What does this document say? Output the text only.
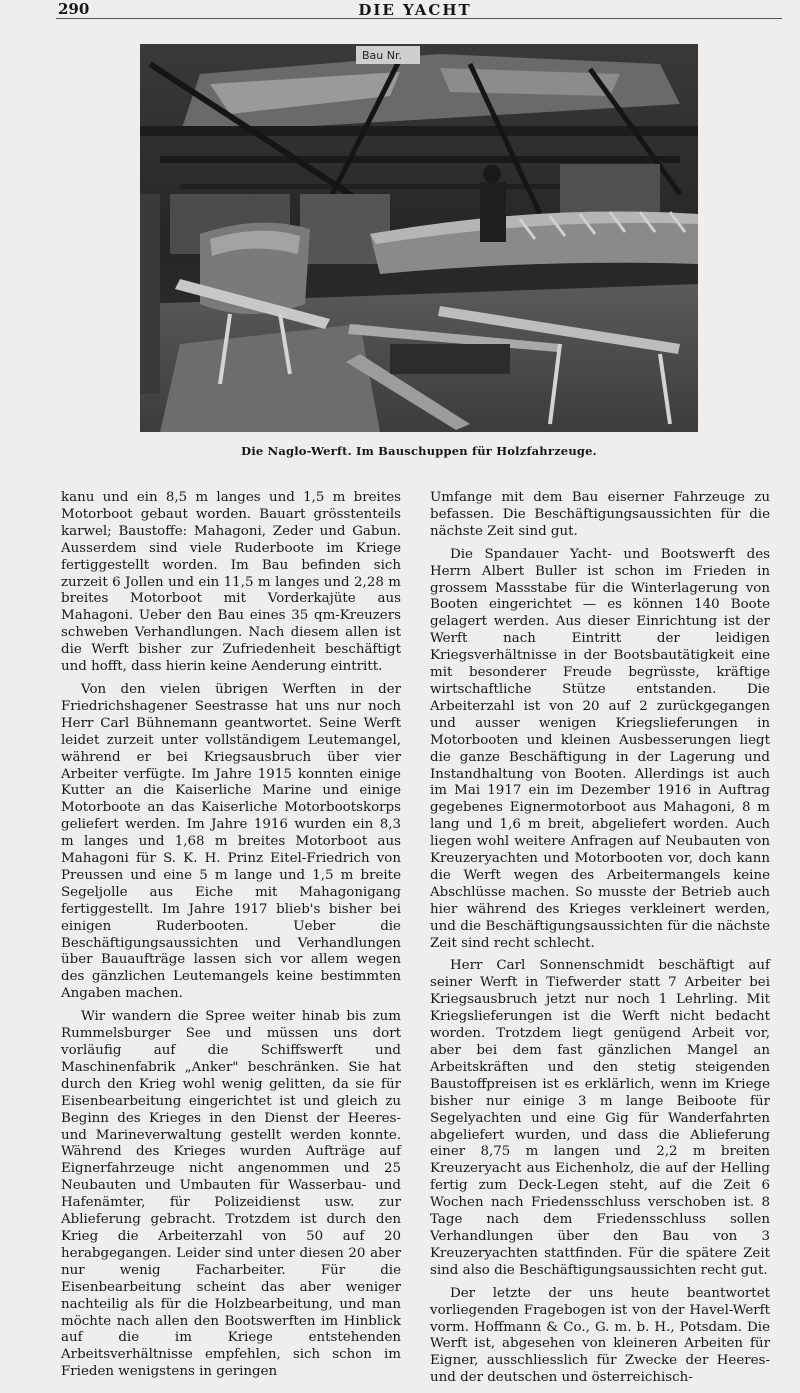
290	DIE YACHT
Bau Nr.
Die Naglo-Werft. Im Bauschuppen für Holzfahrzeuge.

kanu und ein 8,5 m langes und 1,5 m breites Motorboot gebaut worden. Bauart grösstenteils karwel; Baustoffe: Mahagoni, Zeder und Gabun. Ausserdem sind viele Ruderboote im Kriege fertiggestellt worden. Im Bau befinden sich zurzeit 6 Jollen und ein 11,5 m langes und 2,28 m breites Motorboot mit Vorderkajüte aus Mahagoni. Ueber den Bau eines 35 qm-Kreuzers schweben Verhandlungen. Nach diesem allen ist die Werft bisher zur Zufriedenheit beschäftigt und hofft, dass hierin keine Aenderung eintritt.

Von den vielen übrigen Werften in der Friedrichshagener Seestrasse hat uns nur noch Herr Carl Bühnemann geantwortet. Seine Werft leidet zurzeit unter vollständigem Leutemangel, während er bei Kriegsausbruch über vier Arbeiter verfügte. Im Jahre 1915 konnten einige Kutter an die Kaiserliche Marine und einige Motorboote an das Kaiserliche Motorbootskorps geliefert werden. Im Jahre 1916 wurden ein 8,3 m langes und 1,68 m breites Motorboot aus Mahagoni für S. K. H. Prinz Eitel-Friedrich von Preussen und eine 5 m lange und 1,5 m breite Segeljolle aus Eiche mit Mahagonigang fertiggestellt. Im Jahre 1917 blieb's bisher bei einigen Ruderbooten. Ueber die Beschäftigungsaussichten und Verhandlungen über Bauaufträge lassen sich vor allem wegen des gänzlichen Leutemangels keine bestimmten Angaben machen.

Wir wandern die Spree weiter hinab bis zum Rummelsburger See und müssen uns dort vorläufig auf die Schiffswerft und Maschinenfabrik „Anker" beschränken. Sie hat durch den Krieg wohl wenig gelitten, da sie für Eisenbearbeitung eingerichtet ist und gleich zu Beginn des Krieges in den Dienst der Heeres- und Marineverwaltung gestellt werden konnte. Während des Krieges wurden Aufträge auf Eignerfahrzeuge nicht angenommen und 25 Neubauten und Umbauten für Wasserbau- und Hafenämter, für Polizeidienst usw. zur Ablieferung gebracht. Trotzdem ist durch den Krieg die Arbeiterzahl von 50 auf 20 herabgegangen. Leider sind unter diesen 20 aber nur wenig Facharbeiter. Für die Eisenbearbeitung scheint das aber weniger nachteilig als für die Holzbearbeitung, und man möchte nach allen den Bootswerften im Hinblick auf die im Kriege entstehenden Arbeitsverhältnisse empfehlen, sich schon im Frieden wenigstens in geringen

Umfange mit dem Bau eiserner Fahrzeuge zu befassen. Die Beschäftigungsaussichten für die nächste Zeit sind gut.

Die Spandauer Yacht- und Bootswerft des Herrn Albert Buller ist schon im Frieden in grossem Massstabe für die Winterlagerung von Booten eingerichtet — es können 140 Boote gelagert werden. Aus dieser Einrichtung ist der Werft nach Eintritt der leidigen Kriegsverhältnisse in der Bootsbautätigkeit eine mit besonderer Freude begrüsste, kräftige wirtschaftliche Stütze entstanden. Die Arbeiterzahl ist von 20 auf 2 zurückgegangen und ausser wenigen Kriegslieferungen in Motorbooten und kleinen Ausbesserungen liegt die ganze Beschäftigung in der Lagerung und Instandhaltung von Booten. Allerdings ist auch im Mai 1917 ein im Dezember 1916 in Auftrag gegebenes Eignermotorboot aus Mahagoni, 8 m lang und 1,6 m breit, abgeliefert worden. Auch liegen wohl weitere Anfragen auf Neubauten von Kreuzeryachten und Motorbooten vor, doch kann die Werft wegen des Arbeitermangels keine Abschlüsse machen. So musste der Betrieb auch hier während des Krieges verkleinert werden, und die Beschäftigungsaussichten für die nächste Zeit sind recht schlecht.

Herr Carl Sonnenschmidt beschäftigt auf seiner Werft in Tiefwerder statt 7 Arbeiter bei Kriegsausbruch jetzt nur noch 1 Lehrling. Mit Kriegslieferungen ist die Werft nicht bedacht worden. Trotzdem liegt genügend Arbeit vor, aber bei dem fast gänzlichen Mangel an Arbeitskräften und den stetig steigenden Baustoffpreisen ist es erklärlich, wenn im Kriege bisher nur einige 3 m lange Beiboote für Segelyachten und eine Gig für Wanderfahrten abgeliefert wurden, und dass die Ablieferung einer 8,75 m langen und 2,2 m breiten Kreuzeryacht aus Eichenholz, die auf der Helling fertig zum Deck-Legen steht, auf die Zeit 6 Wochen nach Friedensschluss verschoben ist. 8 Tage nach dem Friedensschluss sollen Verhandlungen über den Bau von 3 Kreuzeryachten stattfinden. Für die spätere Zeit sind also die Beschäftigungsaussichten recht gut.

Der letzte der uns heute beantwortet vorliegenden Fragebogen ist von der Havel-Werft vorm. Hoffmann & Co., G. m. b. H., Potsdam. Die Werft ist, abgesehen von kleineren Arbeiten für Eigner, ausschliesslich für Zwecke der Heeres- und der deutschen und österreichisch-
